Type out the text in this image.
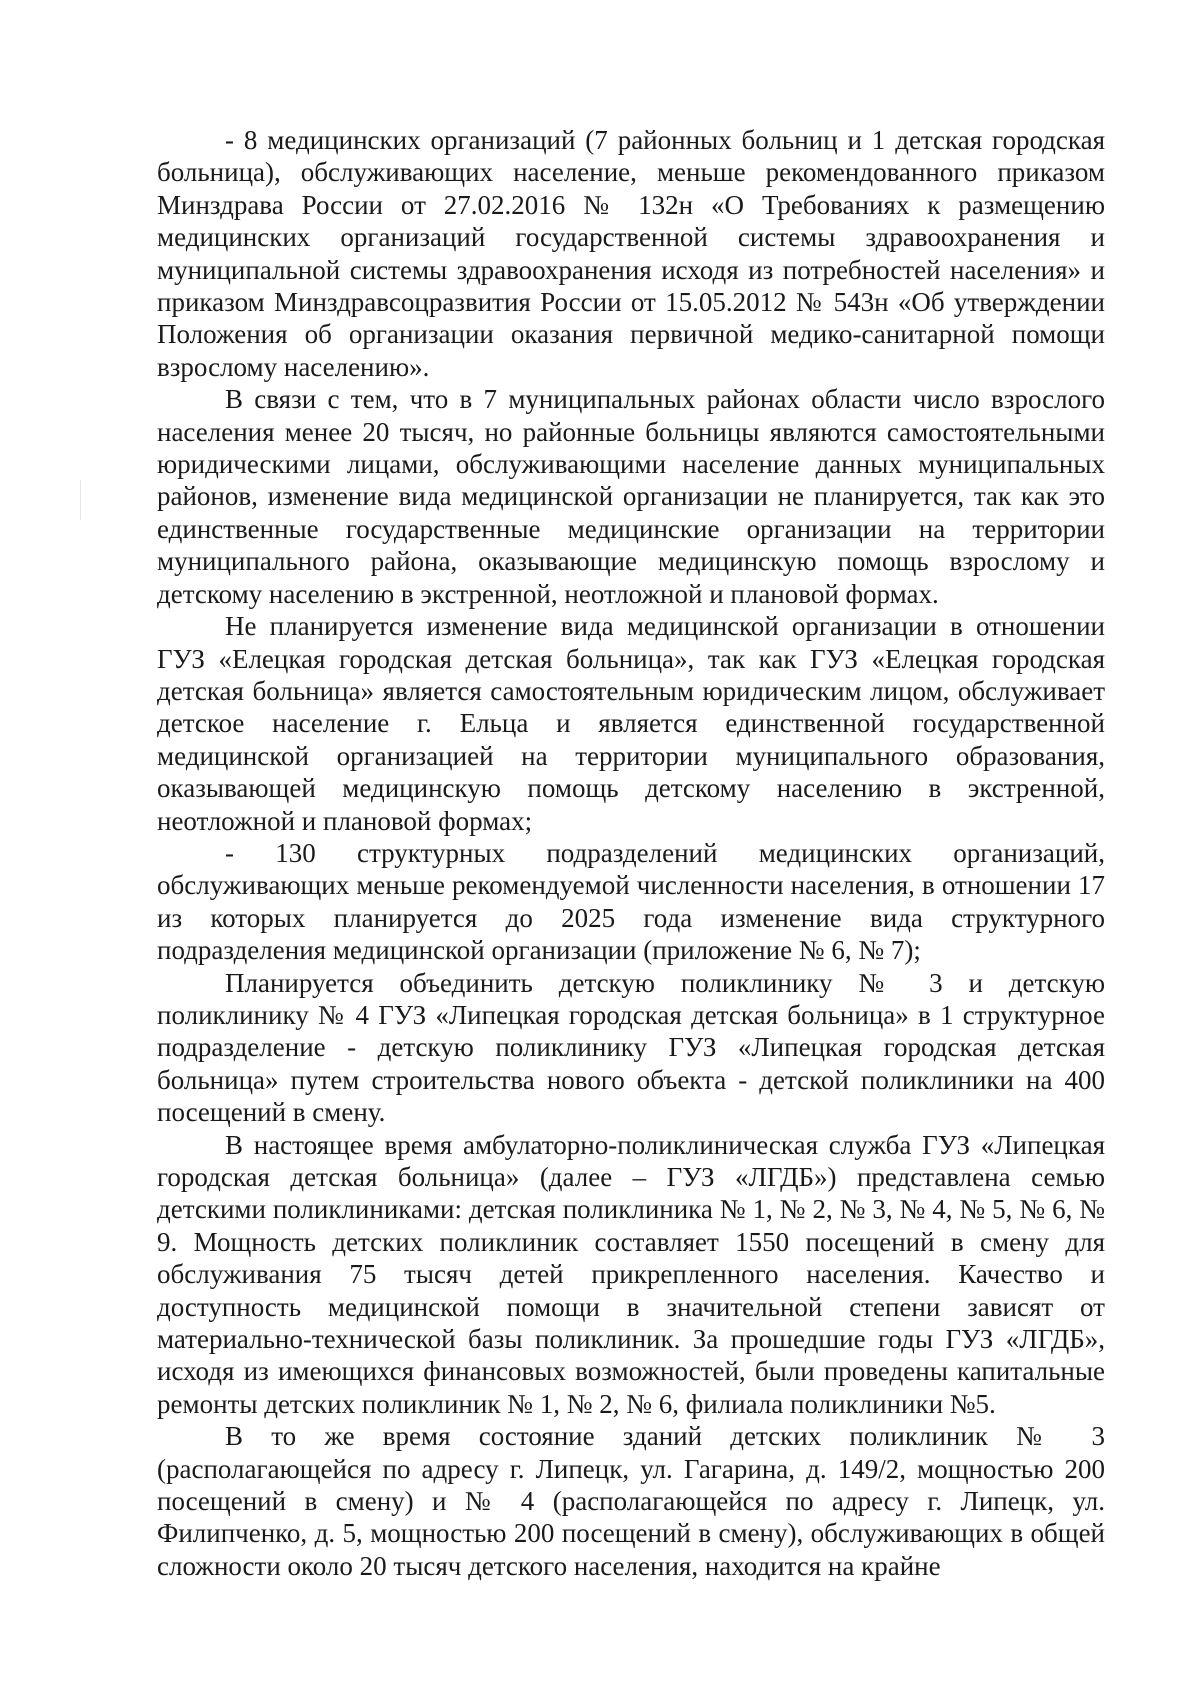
- 8 медицинских организаций (7 районных больниц и 1 детская городская больница), обслуживающих население, меньше рекомендованного приказом Минздрава России от 27.02.2016 № 132н «О Требованиях к размещению медицинских организаций государственной системы здравоохранения и муниципальной системы здравоохранения исходя из потребностей населения» и приказом Минздравсоцразвития России от 15.05.2012 № 543н «Об утверждении Положения об организации оказания первичной медико-санитарной помощи взрослому населению».

В связи с тем, что в 7 муниципальных районах области число взрослого населения менее 20 тысяч, но районные больницы являются самостоятельными юридическими лицами, обслуживающими население данных муниципальных районов, изменение вида медицинской организации не планируется, так как это единственные государственные медицинские организации на территории муниципального района, оказывающие медицинскую помощь взрослому и детскому населению в экстренной, неотложной и плановой формах.

Не планируется изменение вида медицинской организации в отношении ГУЗ «Елецкая городская детская больница», так как ГУЗ «Елецкая городская детская больница» является самостоятельным юридическим лицом, обслуживает детское население г. Ельца и является единственной государственной медицинской организацией на территории муниципального образования, оказывающей медицинскую помощь детскому населению в экстренной, неотложной и плановой формах;

- 130 структурных подразделений медицинских организаций, обслуживающих меньше рекомендуемой численности населения, в отношении 17 из которых планируется до 2025 года изменение вида структурного подразделения медицинской организации (приложение № 6, № 7);

Планируется объединить детскую поликлинику № 3 и детскую поликлинику № 4 ГУЗ «Липецкая городская детская больница» в 1 структурное подразделение - детскую поликлинику ГУЗ «Липецкая городская детская больница» путем строительства нового объекта - детской поликлиники на 400 посещений в смену.

В настоящее время амбулаторно-поликлиническая служба ГУЗ «Липецкая городская детская больница» (далее – ГУЗ «ЛГДБ») представлена семью детскими поликлиниками: детская поликлиника № 1, № 2, № 3, № 4, № 5, № 6, № 9. Мощность детских поликлиник составляет 1550 посещений в смену для обслуживания 75 тысяч детей прикрепленного населения. Качество и доступность медицинской помощи в значительной степени зависят от материально-технической базы поликлиник. За прошедшие годы ГУЗ «ЛГДБ», исходя из имеющихся финансовых возможностей, были проведены капитальные ремонты детских поликлиник № 1, № 2, № 6, филиала поликлиники №5.

В то же время состояние зданий детских поликлиник № 3 (располагающейся по адресу г. Липецк, ул. Гагарина, д. 149/2, мощностью 200 посещений в смену) и № 4 (располагающейся по адресу г. Липецк, ул. Филипченко, д. 5, мощностью 200 посещений в смену), обслуживающих в общей сложности около 20 тысяч детского населения, находится на крайне
